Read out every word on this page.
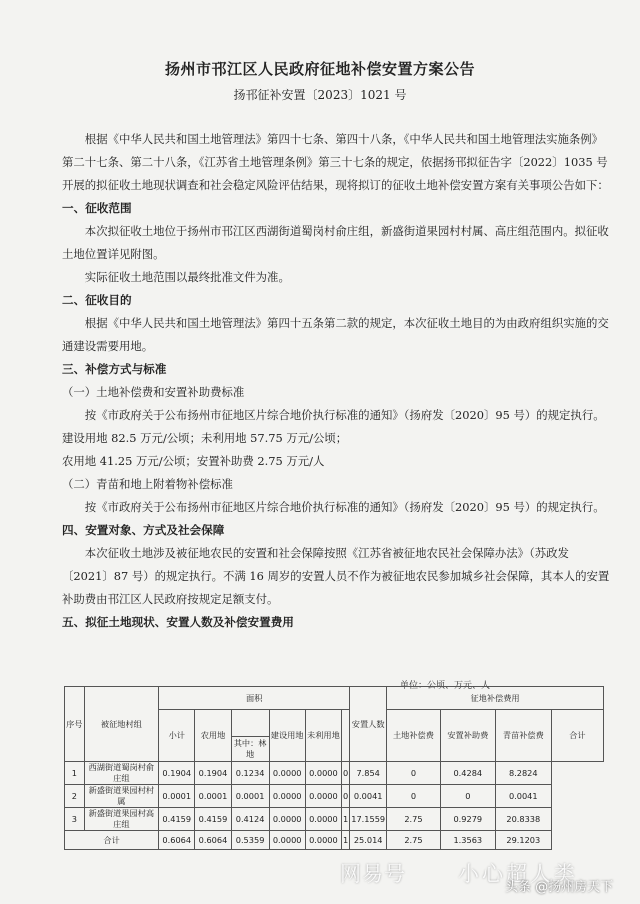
扬州市邗江区人民政府征地补偿安置方案公告
扬邗征补安置〔2023〕1021 号

根据《中华人民共和国土地管理法》第四十七条、第四十八条，《中华人民共和国土地管理法实施条例》第二十七条、第二十八条，《江苏省土地管理条例》第三十七条的规定，依据扬邗拟征告字〔2022〕1035 号开展的拟征收土地现状调查和社会稳定风险评估结果，现将拟订的征收土地补偿安置方案有关事项公告如下：

一、征收范围

本次拟征收土地位于扬州市邗江区西湖街道蜀岗村俞庄组，新盛街道果园村村属、高庄组范围内。拟征收土地位置详见附图。

实际征收土地范围以最终批准文件为准。

二、征收目的

根据《中华人民共和国土地管理法》第四十五条第二款的规定，本次征收土地目的为由政府组织实施的交通建设需要用地。

三、补偿方式与标准

（一）土地补偿费和安置补助费标准

按《市政府关于公布扬州市征地区片综合地价执行标准的通知》（扬府发〔2020〕95 号）的规定执行。

建设用地 82.5 万元/公顷；未利用地 57.75 万元/公顷；

农用地 41.25 万元/公顷；安置补助费 2.75 万元/人

（二）青苗和地上附着物补偿标准

按《市政府关于公布扬州市征地区片综合地价执行标准的通知》（扬府发〔2020〕95 号）的规定执行。

四、安置对象、方式及社会保障

本次征收土地涉及被征地农民的安置和社会保障按照《江苏省被征地农民社会保障办法》（苏政发〔2021〕87 号）的规定执行。不满 16 周岁的安置人员不作为被征地农民参加城乡社会保障，其本人的安置补助费由邗江区人民政府按规定足额支付。

五、拟征土地现状、安置人数及补偿安置费用

单位：公顷、万元、人
序号	被征地村组	面积						安置人数	征地补偿费用			
		小计	农用地		建设用地	未利用地			土地补偿费	安置补助费	青苗补偿费	合计
				其中：林地								
1	西湖街道蜀岗村俞庄组	0.1904	0.1904	0.1234	0.0000	0.0000	0	7.854	0	0.4284	8.2824	
2	新盛街道果园村村属	0.0001	0.0001	0.0001	0.0000	0.0000	0	0.0041	0	0	0.0041	
3	新盛街道果园村高庄组	0.4159	0.4159	0.4124	0.0000	0.0000	1	17.1559	2.75	0.9279	20.8338	
合计		0.6064	0.6064	0.5359	0.0000	0.0000	1	25.014	2.75	1.3563	29.1203	
网易号 小心超人类
头条 @扬州房天下
